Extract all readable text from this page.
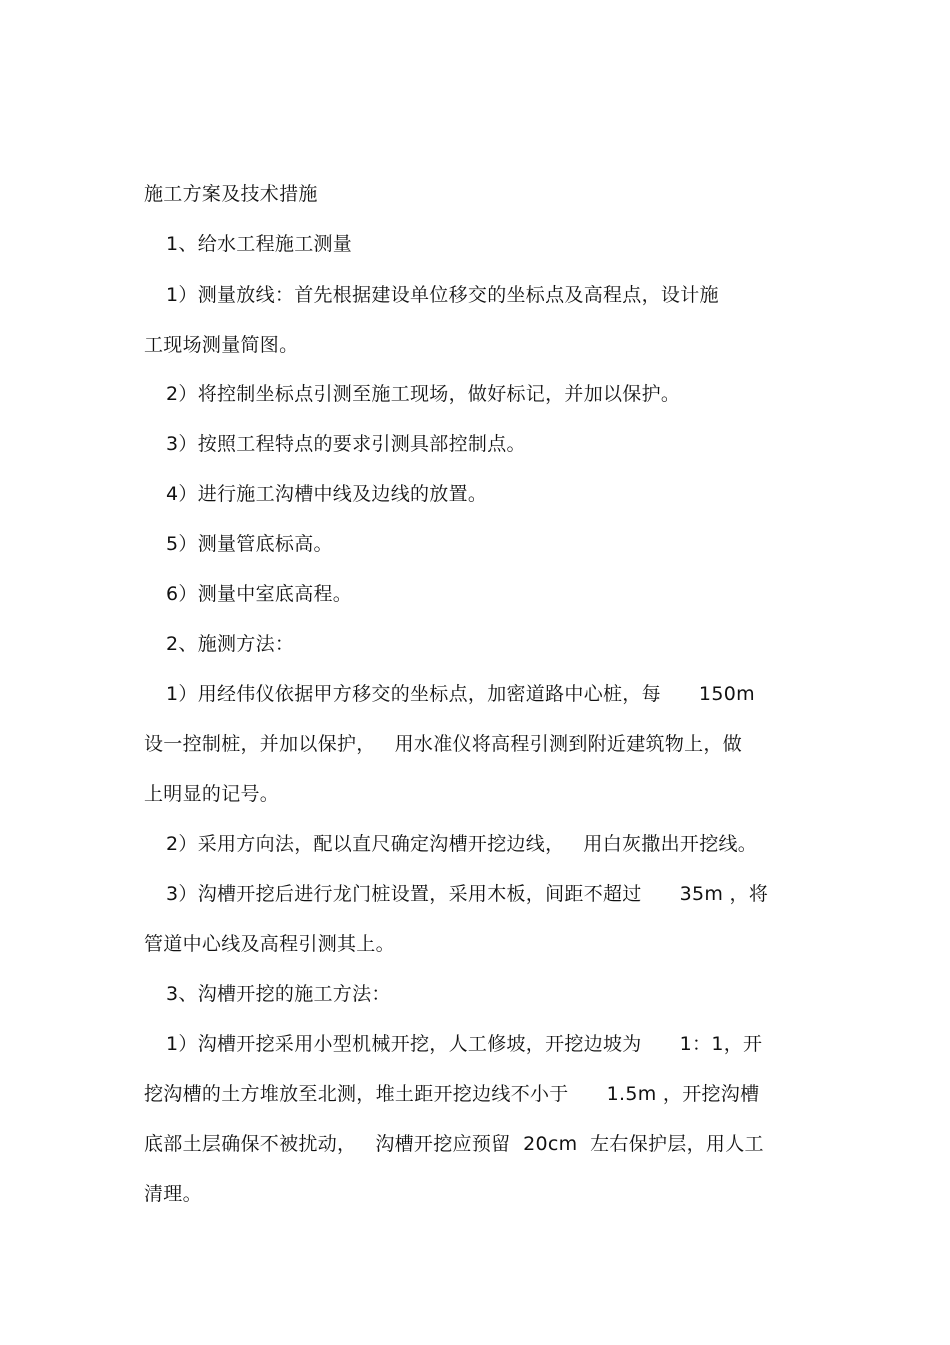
施工方案及技术措施
1、给水工程施工测量
1）测量放线：首先根据建设单位移交的坐标点及高程点，设计施
工现场测量简图。
2）将控制坐标点引测至施工现场，做好标记，并加以保护。
3）按照工程特点的要求引测具部控制点。
4）进行施工沟槽中线及边线的放置。
5）测量管底标高。
6）测量中室底高程。
2、施测方法：
1）用经伟仪依据甲方移交的坐标点，加密道路中心桩，每      150m
设一控制桩，并加以保护，   用水准仪将高程引测到附近建筑物上，做
上明显的记号。
2）采用方向法，配以直尺确定沟槽开挖边线，   用白灰撒出开挖线。
3）沟槽开挖后进行龙门桩设置，采用木板，间距不超过      35m ，将
管道中心线及高程引测其上。
3、沟槽开挖的施工方法：
1）沟槽开挖采用小型机械开挖，人工修坡，开挖边坡为      1：1，开
挖沟槽的土方堆放至北测，堆土距开挖边线不小于      1.5m ，开挖沟槽
底部土层确保不被扰动，   沟槽开挖应预留  20cm  左右保护层，用人工
清理。
